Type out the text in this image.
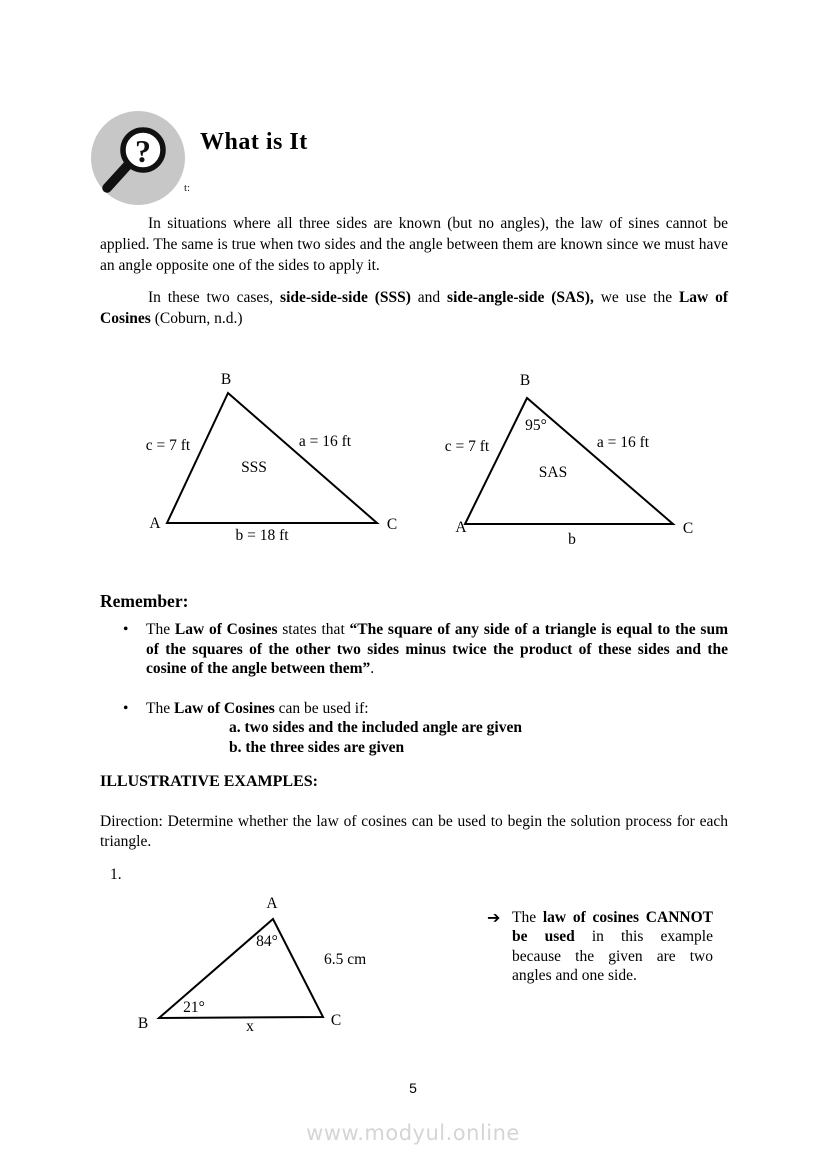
? What is It
t:

In situations where all three sides are known (but no angles), the law of sines cannot be applied. The same is true when two sides and the angle between them are known since we must have an angle opposite one of the sides to apply it.

In these two cases, side-side-side (SSS) and side-angle-side (SAS), we use the Law of Cosines (Coburn, n.d.)

B
A	C
c = 7 ft	a = 16 ft
SSS
b = 18 ft
B
95°
c = 7 ft	a = 16 ft
SAS
b
A	C
Remember:
•	The Law of Cosines states that “The square of any side of a triangle is equal to the sum of the squares of the other two sides minus twice the product of these sides and the cosine of the angle between them”.
•	The Law of Cosines can be used if:
a. two sides and the included angle are given
b. the three sides are given
ILLUSTRATIVE EXAMPLES:
Direction: Determine whether the law of cosines can be used to begin the solution process for each triangle.
1.
A
84°
6.5 cm
21°
B	x	C
➔ The law of cosines CANNOT be used in this example because the given are two angles and one side.
5
www.modyul.online
